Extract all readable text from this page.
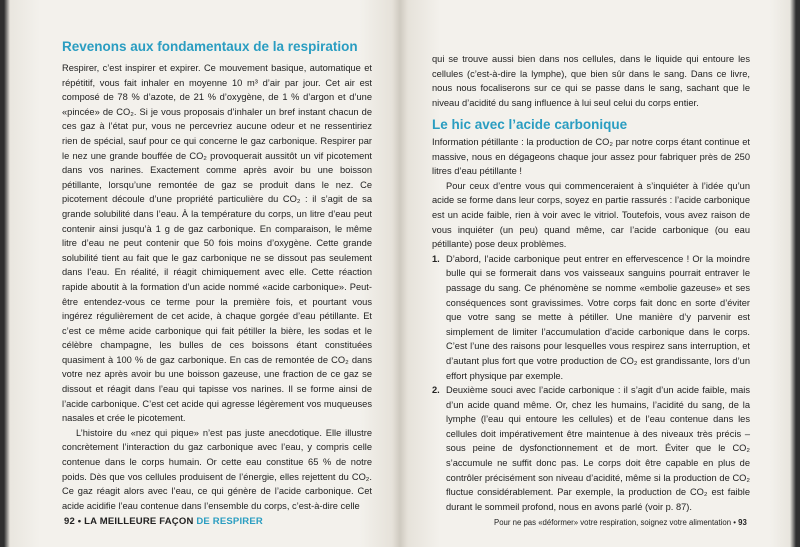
Revenons aux fondamentaux de la respiration

Respirer, c’est inspirer et expirer. Ce mouvement basique, automatique et répétitif, vous fait inhaler en moyenne 10 m³ d’air par jour. Cet air est composé de 78 % d’azote, de 21 % d’oxygène, de 1 % d’argon et d’une «pincée» de CO₂. Si je vous proposais d’inhaler un bref instant chacun de ces gaz à l’état pur, vous ne percevriez aucune odeur et ne ressentiriez rien de spécial, sauf pour ce qui concerne le gaz carbonique. Respirer par le nez une grande bouffée de CO₂ provoquerait aussitôt un vif picotement dans vos narines. Exactement comme après avoir bu une boisson pétillante, lorsqu’une remontée de gaz se produit dans le nez. Ce picotement découle d’une propriété particulière du CO₂ : il s’agit de sa grande solubilité dans l’eau. À la température du corps, un litre d’eau peut contenir ainsi jusqu’à 1 g de gaz carbonique. En comparaison, le même litre d’eau ne peut contenir que 50 fois moins d’oxygène. Cette grande solubilité tient au fait que le gaz carbonique ne se dissout pas seulement dans l’eau. En réalité, il réagit chimiquement avec elle. Cette réaction rapide aboutit à la formation d’un acide nommé «acide carbonique». Peut-être entendez-vous ce terme pour la première fois, et pourtant vous ingérez régulièrement de cet acide, à chaque gorgée d’eau pétillante. Et c’est ce même acide carbonique qui fait pétiller la bière, les sodas et le célèbre champagne, les bulles de ces boissons étant constituées quasiment à 100 % de gaz carbonique. En cas de remontée de CO₂ dans votre nez après avoir bu une boisson gazeuse, une fraction de ce gaz se dissout et réagit dans l’eau qui tapisse vos narines. Il se forme ainsi de l’acide carbonique. C’est cet acide qui agresse légèrement vos muqueuses nasales et crée le picotement.

L’histoire du «nez qui pique» n’est pas juste anecdotique. Elle illustre concrètement l’interaction du gaz carbonique avec l’eau, y compris celle contenue dans le corps humain. Or cette eau constitue 65 % de notre poids. Dès que vos cellules produisent de l’énergie, elles rejettent du CO₂. Ce gaz réagit alors avec l’eau, ce qui génère de l’acide carbonique. Cet acide acidifie l’eau contenue dans l’ensemble du corps, c’est-à-dire celle

92 • LA MEILLEURE FAÇON DE RESPIRER

qui se trouve aussi bien dans nos cellules, dans le liquide qui entoure les cellules (c’est-à-dire la lymphe), que bien sûr dans le sang. Dans ce livre, nous nous focaliserons sur ce qui se passe dans le sang, sachant que le niveau d’acidité du sang influence à lui seul celui du corps entier.

Le hic avec l’acide carbonique

Information pétillante : la production de CO₂ par notre corps étant continue et massive, nous en dégageons chaque jour assez pour fabriquer près de 250 litres d’eau pétillante !

Pour ceux d’entre vous qui commenceraient à s’inquiéter à l’idée qu’un acide se forme dans leur corps, soyez en partie rassurés : l’acide carbonique est un acide faible, rien à voir avec le vitriol. Toutefois, vous avez raison de vous inquiéter (un peu) quand même, car l’acide carbonique (ou eau pétillante) pose deux problèmes.

1. D’abord, l’acide carbonique peut entrer en effervescence ! Or la moindre bulle qui se formerait dans vos vaisseaux sanguins pourrait entraver le passage du sang. Ce phénomène se nomme «embolie gazeuse» et ses conséquences sont gravissimes. Votre corps fait donc en sorte d’éviter que votre sang se mette à pétiller. Une manière d’y parvenir est simplement de limiter l’accumulation d’acide carbonique dans le corps. C’est l’une des raisons pour lesquelles vous respirez sans interruption, et d’autant plus fort que votre production de CO₂ est grandissante, lors d’un effort physique par exemple.
2. Deuxième souci avec l’acide carbonique : il s’agit d’un acide faible, mais d’un acide quand même. Or, chez les humains, l’acidité du sang, de la lymphe (l’eau qui entoure les cellules) et de l’eau contenue dans les cellules doit impérativement être maintenue à des niveaux très précis – sous peine de dysfonctionnement et de mort. Éviter que le CO₂ s’accumule ne suffit donc pas. Le corps doit être capable en plus de contrôler précisément son niveau d’acidité, même si la production de CO₂ fluctue considérablement. Par exemple, la production de CO₂ est faible durant le sommeil profond, nous en avons parlé (voir p. 87).
Pour ne pas «déformer» votre respiration, soignez votre alimentation • 93
